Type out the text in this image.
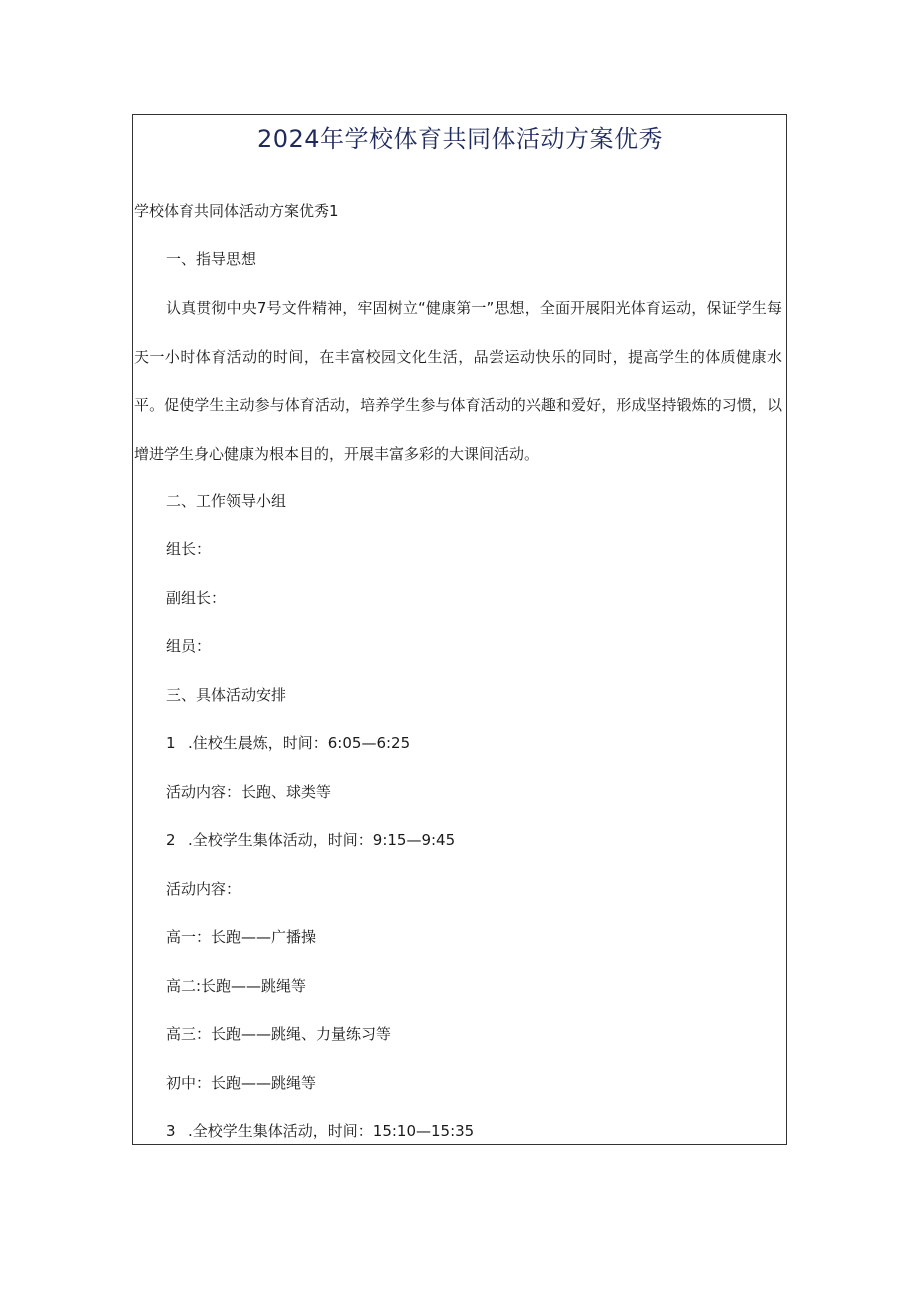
2024年学校体育共同体活动方案优秀
学校体育共同体活动方案优秀1
一、指导思想
认真贯彻中央7号文件精神，牢固树立“健康第一”思想，全面开展阳光体育运动，保证学生每天一小时体育活动的时间，在丰富校园文化生活，品尝运动快乐的同时，提高学生的体质健康水平。促使学生主动参与体育活动，培养学生参与体育活动的兴趣和爱好，形成坚持锻炼的习惯，以增进学生身心健康为根本目的，开展丰富多彩的大课间活动。
二、工作领导小组
组长：
副组长：
组员：
三、具体活动安排
1 .住校生晨炼，时间：6:05—6:25
活动内容：长跑、球类等
2 .全校学生集体活动，时间：9:15—9:45
活动内容：
高一：长跑——广播操
高二:长跑——跳绳等
高三：长跑——跳绳、力量练习等
初中：长跑——跳绳等
3 .全校学生集体活动，时间：15:10—15:35
